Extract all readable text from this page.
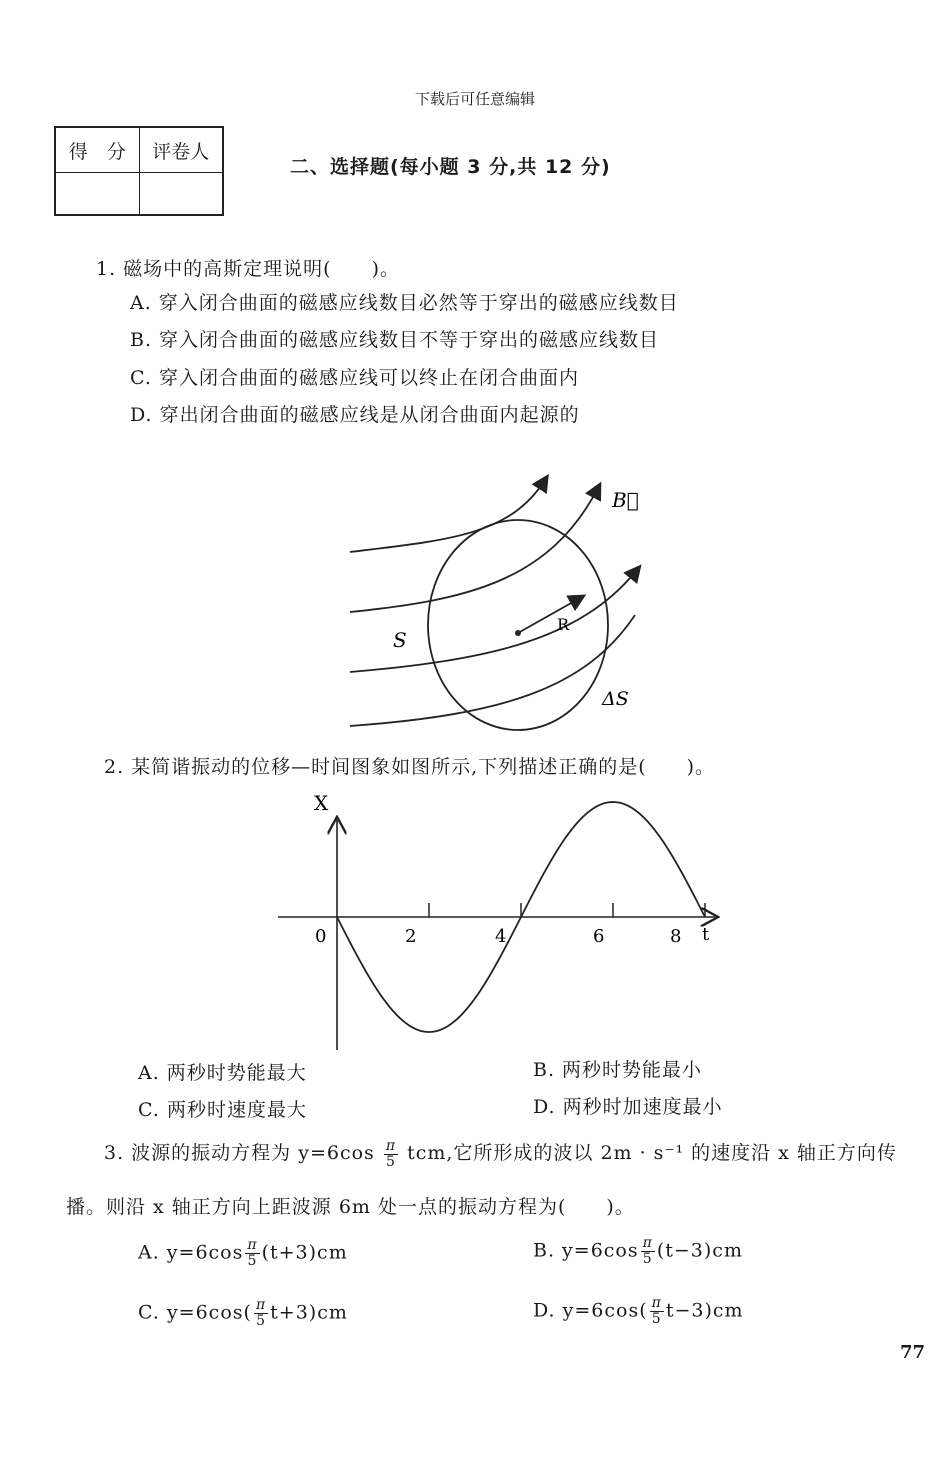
下载后可任意编辑
得　分	评卷人

二、选择题(每小题 3 分,共 12 分)
1. 磁场中的高斯定理说明(　　)。
A. 穿入闭合曲面的磁感应线数目必然等于穿出的磁感应线数目
B. 穿入闭合曲面的磁感应线数目不等于穿出的磁感应线数目
C. 穿入闭合曲面的磁感应线可以终止在闭合曲面内
D. 穿出闭合曲面的磁感应线是从闭合曲面内起源的
B⃗
S
R
ΔS
2. 某简谐振动的位移—时间图象如图所示,下列描述正确的是(　　)。
X
t
0	2	4	6	8
A. 两秒时势能最大	B. 两秒时势能最小
C. 两秒时速度最大	D. 两秒时加速度最小
3. 波源的振动方程为 $y=6\cos \frac{\pi}{5}$ tcm,它所形成的波以 2m · s⁻¹ 的速度沿 x 轴正方向传
播。则沿 x 轴正方向上距波源 6m 处一点的振动方程为(　　)。
A. $y=6\cos \frac{\pi}{5} (t+3)cm$	B. $y=6\cos \frac{\pi}{5} (t-3)cm$
C. $y=6\cos( \frac{\pi}{5} t+3)cm$	D. $y=6\cos( \frac{\pi}{5} t-3)cm$
77
